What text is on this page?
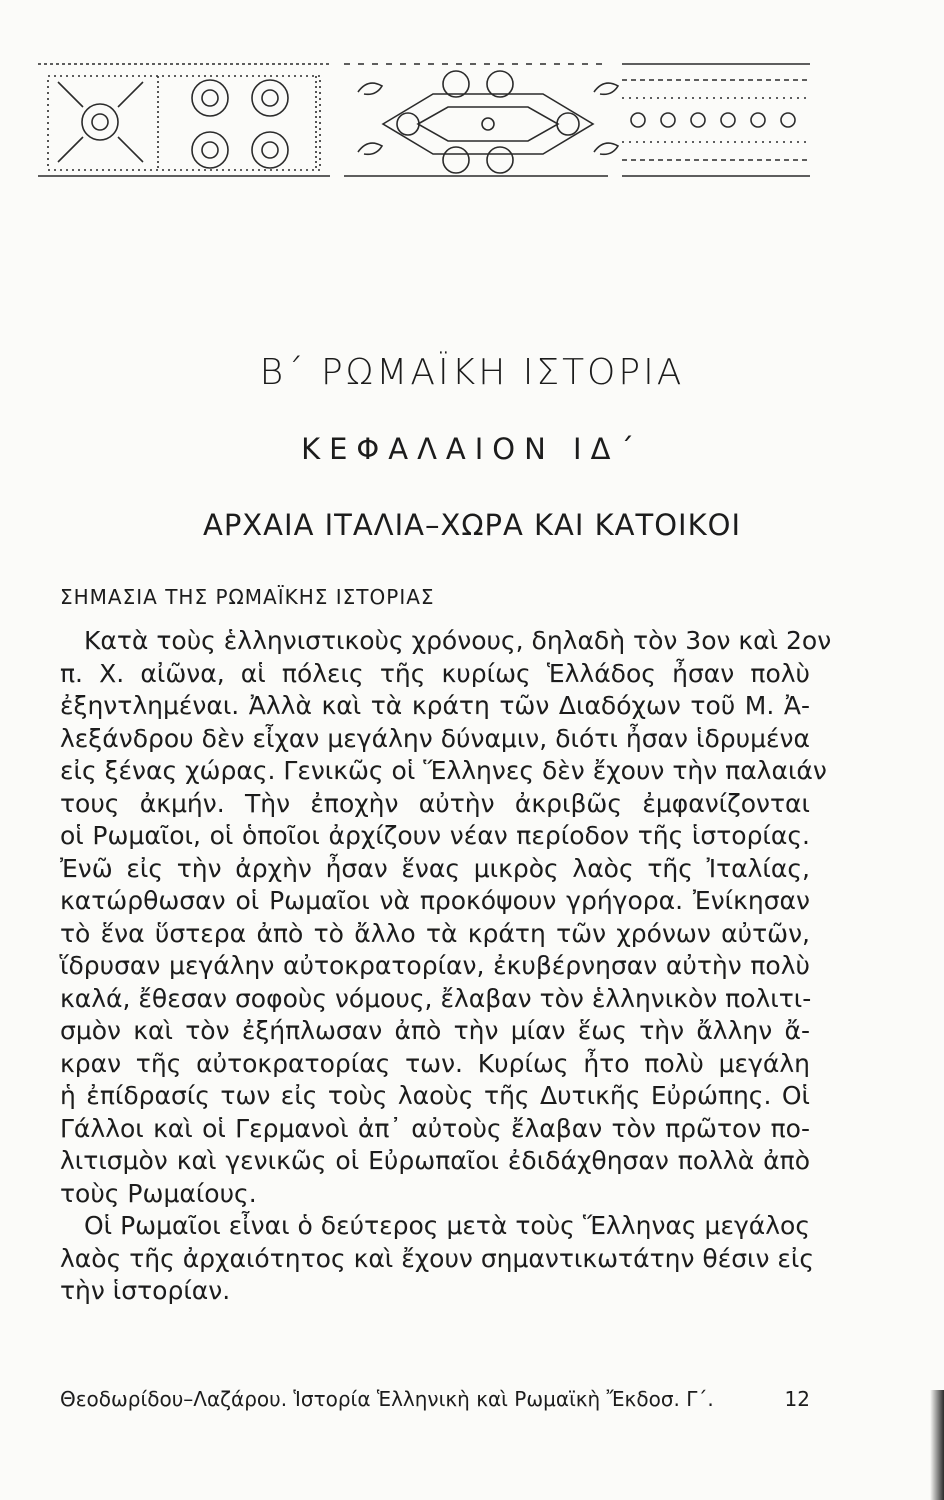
Β΄ ΡΩΜΑΪΚΗ ΙΣΤΟΡΙΑ
ΚΕΦΑΛΑΙΟΝ ΙΔ΄
ΑΡΧΑΙΑ ΙΤΑΛΙΑ–ΧΩΡΑ ΚΑΙ ΚΑΤΟΙΚΟΙ
ΣΗΜΑΣΙΑ ΤΗΣ ΡΩΜΑΪΚΗΣ ΙΣΤΟΡΙΑΣ
Κατὰ τοὺς ἑλληνιστικοὺς χρόνους, δηλαδὴ τὸν 3ον καὶ 2ον
π. Χ. αἰῶνα, αἱ πόλεις τῆς κυρίως Ἑλλάδος ἦσαν πολὺ
ἐξηντλημέναι. Ἀλλὰ καὶ τὰ κράτη τῶν Διαδόχων τοῦ Μ. Ἀ-
λεξάνδρου δὲν εἶχαν μεγάλην δύναμιν, διότι ἦσαν ἱδρυμένα
εἰς ξένας χώρας. Γενικῶς οἱ Ἕλληνες δὲν ἔχουν τὴν παλαιάν
τους ἀκμήν. Τὴν ἐποχὴν αὐτὴν ἀκριβῶς ἐμφανίζονται
οἱ Ρωμαῖοι, οἱ ὁποῖοι ἀρχίζουν νέαν περίοδον τῆς ἱστορίας.
Ἐνῶ εἰς τὴν ἀρχὴν ἦσαν ἕνας μικρὸς λαὸς τῆς Ἰταλίας,
κατώρθωσαν οἱ Ρωμαῖοι νὰ προκόψουν γρήγορα. Ἐνίκησαν
τὸ ἕνα ὕστερα ἀπὸ τὸ ἄλλο τὰ κράτη τῶν χρόνων αὐτῶν,
ἵδρυσαν μεγάλην αὐτοκρατορίαν, ἐκυβέρνησαν αὐτὴν πολὺ
καλά, ἔθεσαν σοφοὺς νόμους, ἔλαβαν τὸν ἑλληνικὸν πολιτι-
σμὸν καὶ τὸν ἐξήπλωσαν ἀπὸ τὴν μίαν ἕως τὴν ἄλλην ἄ-
κραν τῆς αὐτοκρατορίας των. Κυρίως ἦτο πολὺ μεγάλη
ἡ ἐπίδρασίς των εἰς τοὺς λαοὺς τῆς Δυτικῆς Εὐρώπης. Οἱ
Γάλλοι καὶ οἱ Γερμανοὶ ἀπ᾿ αὐτοὺς ἔλαβαν τὸν πρῶτον πο-
λιτισμὸν καὶ γενικῶς οἱ Εὐρωπαῖοι ἐδιδάχθησαν πολλὰ ἀπὸ
τοὺς Ρωμαίους.
Οἱ Ρωμαῖοι εἶναι ὁ δεύτερος μετὰ τοὺς Ἕλληνας μεγάλος
λαὸς τῆς ἀρχαιότητος καὶ ἔχουν σημαντικωτάτην θέσιν εἰς
τὴν ἱστορίαν.
Θεοδωρίδου–Λαζάρου. Ἱστορία Ἑλληνικὴ καὶ Ρωμαϊκὴ Ἔκδοσ. Γ΄.	12
